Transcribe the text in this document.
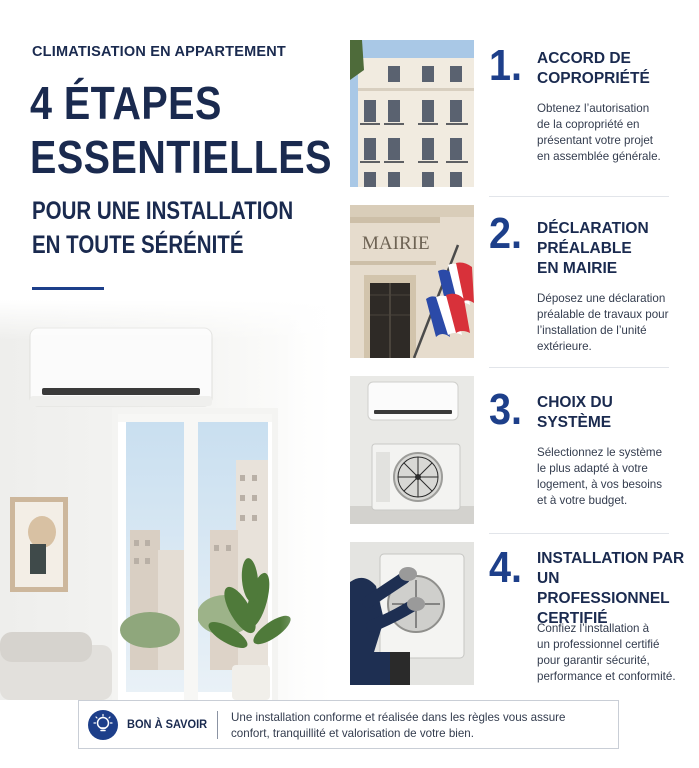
CLIMATISATION EN APPARTEMENT
4 ÉTAPES
ESSENTIELLES
POUR UNE INSTALLATION
EN TOUTE SÉRÉNITÉ
1. ACCORD DE
COPROPRIÉTÉ
Obtenez l’autorisation
de la copropriété en
présentant votre projet
en assemblée générale.
MAIRIE 2. DÉCLARATION
PRÉALABLE
EN MAIRIE
Déposez une déclaration
préalable de travaux pour
l’installation de l’unité
extérieure.
3. CHOIX DU
SYSTÈME
Sélectionnez le système
le plus adapté à votre
logement, à vos besoins
et à votre budget.
4. INSTALLATION PAR
UN PROFESSIONNEL
CERTIFIÉ
Confiez l’installation à
un professionnel certifié
pour garantir sécurité,
performance et conformité.
BON À SAVOIR Une installation conforme et réalisée dans les règles vous assure
confort, tranquillité et valorisation de votre bien.
